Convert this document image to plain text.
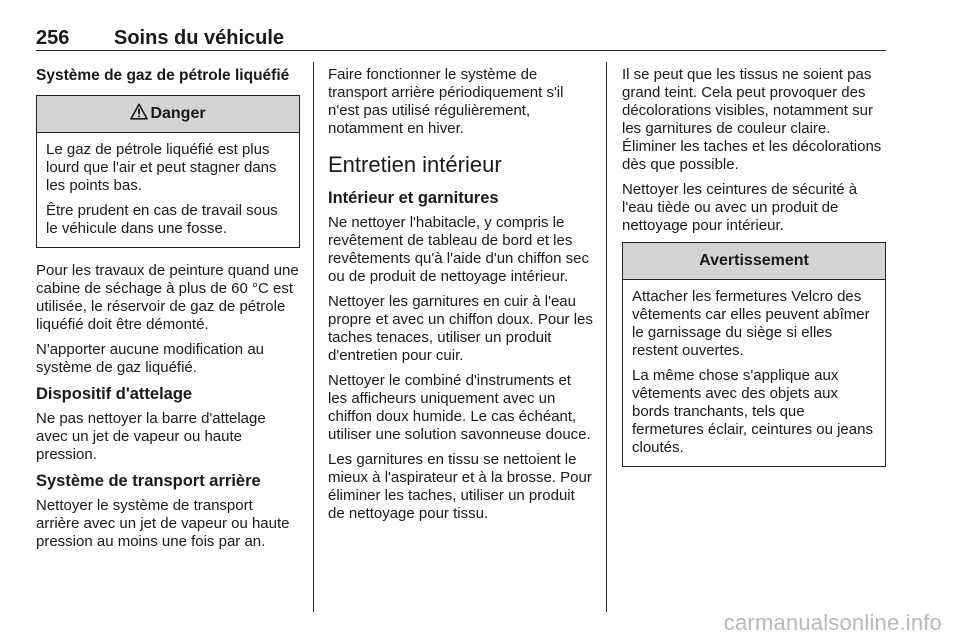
256 Soins du véhicule
Système de gaz de pétrole liquéfié
Danger

Le gaz de pétrole liquéfié est plus lourd que l'air et peut stagner dans les points bas.

Être prudent en cas de travail sous le véhicule dans une fosse.

Pour les travaux de peinture quand une cabine de séchage à plus de 60 °C est utilisée, le réservoir de gaz de pétrole liquéfié doit être démonté.

N'apporter aucune modification au système de gaz liquéfié.

Dispositif d'attelage

Ne pas nettoyer la barre d'attelage avec un jet de vapeur ou haute pression.

Système de transport arrière

Nettoyer le système de transport arrière avec un jet de vapeur ou haute pression au moins une fois par an.

Faire fonctionner le système de transport arrière périodiquement s'il n'est pas utilisé régulièrement, notamment en hiver.

Entretien intérieur
Intérieur et garnitures

Ne nettoyer l'habitacle, y compris le revêtement de tableau de bord et les revêtements qu'à l'aide d'un chiffon sec ou de produit de nettoyage intérieur.

Nettoyer les garnitures en cuir à l'eau propre et avec un chiffon doux. Pour les taches tenaces, utiliser un produit d'entretien pour cuir.

Nettoyer le combiné d'instruments et les afficheurs uniquement avec un chiffon doux humide. Le cas échéant, utiliser une solution savonneuse douce.

Les garnitures en tissu se nettoient le mieux à l'aspirateur et à la brosse. Pour éliminer les taches, utiliser un produit de nettoyage pour tissu.

Il se peut que les tissus ne soient pas grand teint. Cela peut provoquer des décolorations visibles, notamment sur les garnitures de couleur claire. Éliminer les taches et les décolorations dès que possible.

Nettoyer les ceintures de sécurité à l'eau tiède ou avec un produit de nettoyage pour intérieur.

Avertissement

Attacher les fermetures Velcro des vêtements car elles peuvent abîmer le garnissage du siège si elles restent ouvertes.

La même chose s'applique aux vêtements avec des objets aux bords tranchants, tels que fermetures éclair, ceintures ou jeans cloutés.

carmanualsonline.info
